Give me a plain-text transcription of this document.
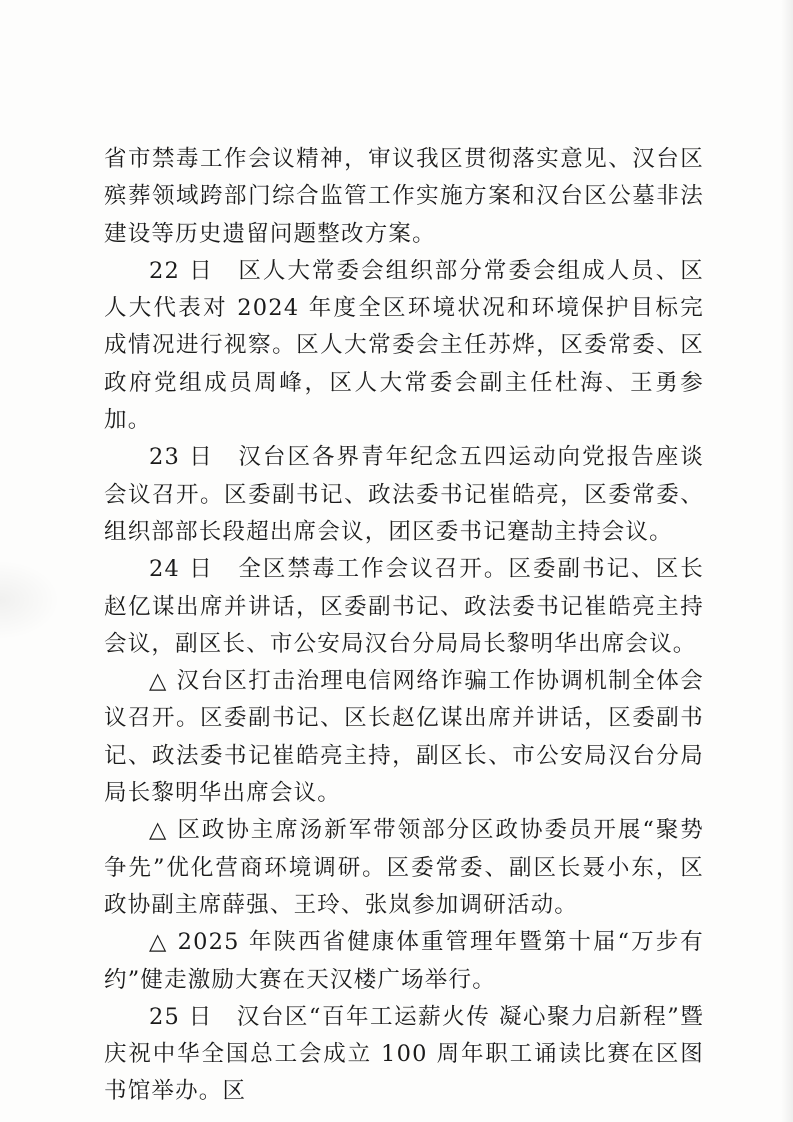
省市禁毒工作会议精神，审议我区贯彻落实意见、汉台区殡葬领域跨部门综合监管工作实施方案和汉台区公墓非法建设等历史遗留问题整改方案。

22 日　区人大常委会组织部分常委会组成人员、区人大代表对 2024 年度全区环境状况和环境保护目标完成情况进行视察。区人大常委会主任苏烨，区委常委、区政府党组成员周峰，区人大常委会副主任杜海、王勇参加。

23 日　汉台区各界青年纪念五四运动向党报告座谈会议召开。区委副书记、政法委书记崔皓亮，区委常委、组织部部长段超出席会议，团区委书记蹇劼主持会议。

24 日　全区禁毒工作会议召开。区委副书记、区长赵亿谋出席并讲话，区委副书记、政法委书记崔皓亮主持会议，副区长、市公安局汉台分局局长黎明华出席会议。

△ 汉台区打击治理电信网络诈骗工作协调机制全体会议召开。区委副书记、区长赵亿谋出席并讲话，区委副书记、政法委书记崔皓亮主持，副区长、市公安局汉台分局局长黎明华出席会议。

△ 区政协主席汤新军带领部分区政协委员开展“聚势争先”优化营商环境调研。区委常委、副区长聂小东，区政协副主席薛强、王玲、张岚参加调研活动。

△ 2025 年陕西省健康体重管理年暨第十届“万步有约”健走激励大赛在天汉楼广场举行。

25 日　汉台区“百年工运薪火传 凝心聚力启新程”暨庆祝中华全国总工会成立 100 周年职工诵读比赛在区图书馆举办。区
